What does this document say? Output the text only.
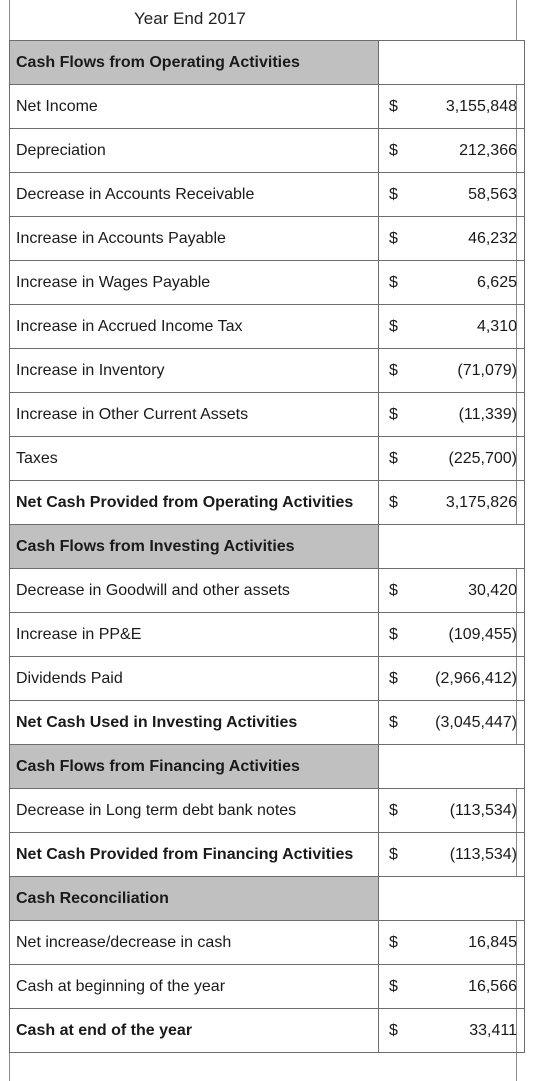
Year End 2017
Cash Flows from Operating Activities	
Net Income	$ 3,155,848

Depreciation	$ 212,366

Decrease in Accounts Receivable	$ 58,563

Increase in Accounts Payable	$ 46,232

Increase in Wages Payable	$ 6,625

Increase in Accrued Income Tax	$ 4,310

Increase in Inventory	$ (71,079)

Increase in Other Current Assets	$ (11,339)

Taxes	$ (225,700)

Net Cash Provided from Operating Activities	$ 3,175,826

Cash Flows from Investing Activities	
Decrease in Goodwill and other assets	$ 30,420

Increase in PP&E	$ (109,455)

Dividends Paid	$ (2,966,412)

Net Cash Used in Investing Activities	$ (3,045,447)

Cash Flows from Financing Activities	
Decrease in Long term debt bank notes	$ (113,534)

Net Cash Provided from Financing Activities	$ (113,534)

Cash Reconciliation	
Net increase/decrease in cash	$ 16,845

Cash at beginning of the year	$ 16,566

Cash at end of the year	$ 33,411
